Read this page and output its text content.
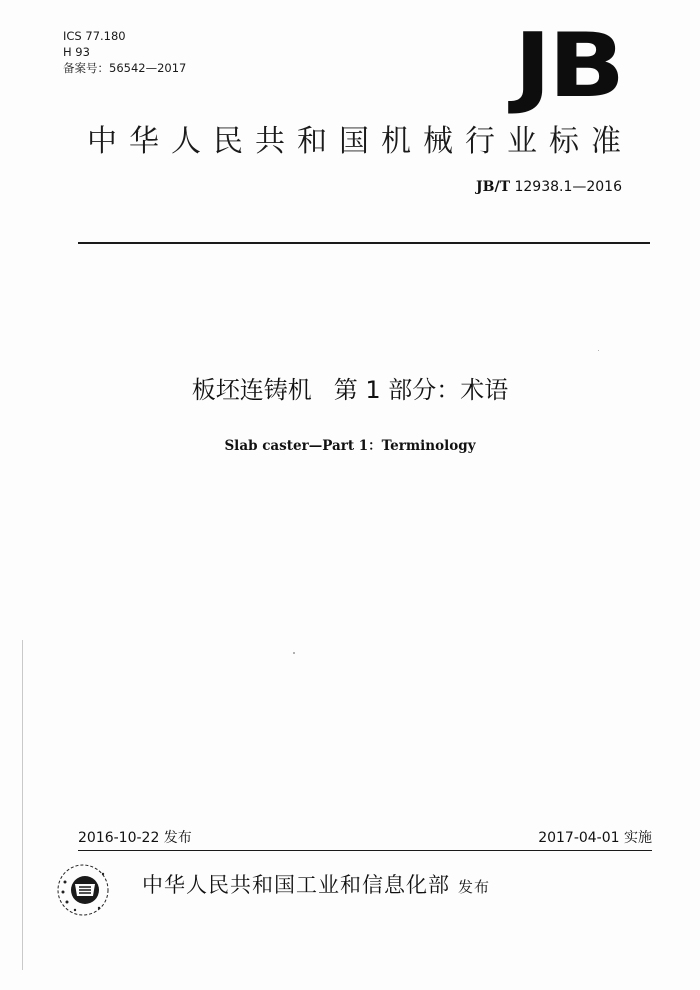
ICS 77.180
H 93
备案号：56542—2017	JB
中华人民共和国机械行业标准
JB/T 12938.1—2016
板坯连铸机 第 1 部分：术语
Slab caster—Part 1：Terminology
2016-10-22 发布	2017-04-01 实施
中华人民共和国工业和信息化部 发布
